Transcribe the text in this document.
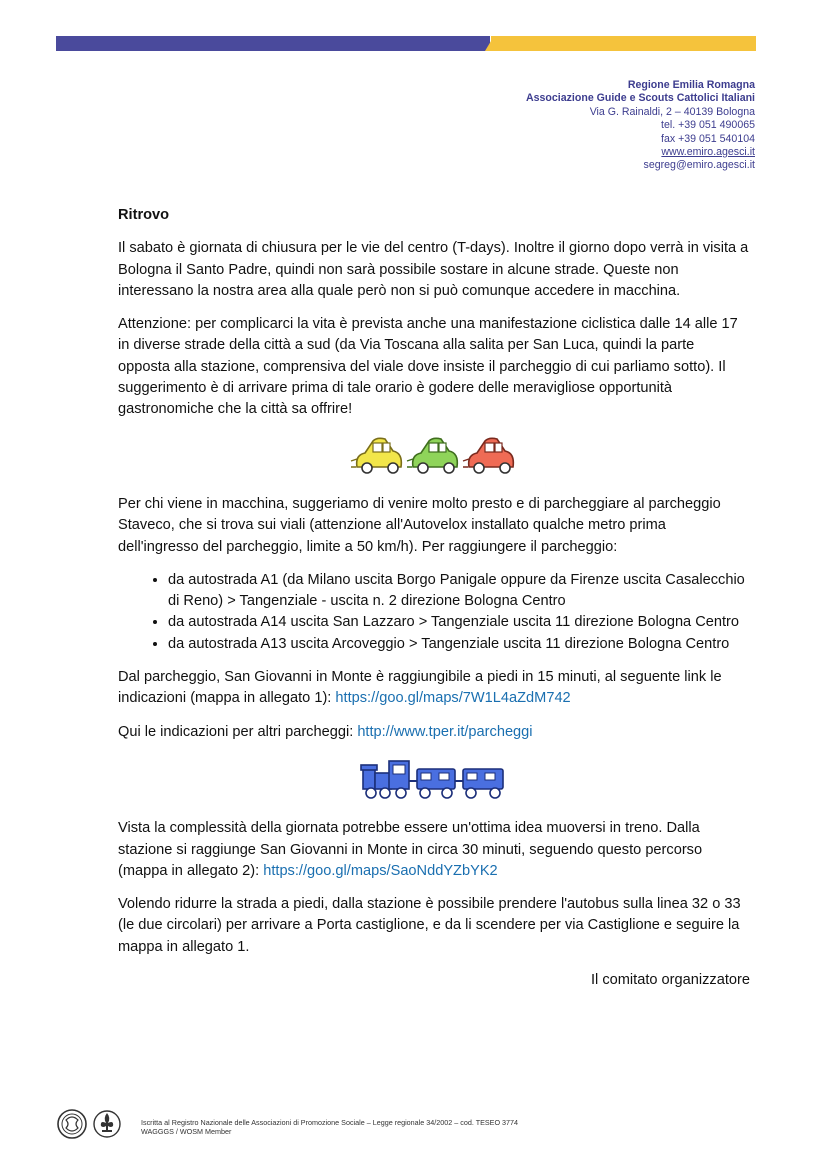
Regione Emilia Romagna
Associazione Guide e Scouts Cattolici Italiani
Via G. Rainaldi, 2 – 40139 Bologna
tel. +39 051 490065
fax +39 051 540104
www.emiro.agesci.it
segreg@emiro.agesci.it
Ritrovo

Il sabato è giornata di chiusura per le vie del centro (T-days). Inoltre il giorno dopo verrà in visita a Bologna il Santo Padre, quindi non sarà possibile sostare in alcune strade. Queste non interessano la nostra area alla quale però non si può comunque accedere in macchina.

Attenzione: per complicarci la vita è prevista anche una manifestazione ciclistica dalle 14 alle 17 in diverse strade della città a sud (da Via Toscana alla salita per San Luca, quindi la parte opposta alla stazione, comprensiva del viale dove insiste il parcheggio di cui parliamo sotto). Il suggerimento è di arrivare prima di tale orario è godere delle meravigliose opportunità gastronomiche che la città sa offrire!

Per chi viene in macchina, suggeriamo di venire molto presto e di parcheggiare al parcheggio Staveco, che si trova sui viali (attenzione all'Autovelox installato qualche metro prima dell'ingresso del parcheggio, limite a 50 km/h). Per raggiungere il parcheggio:

• da autostrada A1 (da Milano uscita Borgo Panigale oppure da Firenze uscita Casalecchio di Reno) > Tangenziale - uscita n. 2 direzione Bologna Centro
• da autostrada A14 uscita San Lazzaro > Tangenziale uscita 11 direzione Bologna Centro
• da autostrada A13 uscita Arcoveggio > Tangenziale uscita 11 direzione Bologna Centro

Dal parcheggio, San Giovanni in Monte è raggiungibile a piedi in 15 minuti, al seguente link le indicazioni (mappa in allegato 1): https://goo.gl/maps/7W1L4aZdM742

Qui le indicazioni per altri parcheggi: http://www.tper.it/parcheggi

Vista la complessità della giornata potrebbe essere un'ottima idea muoversi in treno. Dalla stazione si raggiunge San Giovanni in Monte in circa 30 minuti, seguendo questo percorso (mappa in allegato 2): https://goo.gl/maps/SaoNddYZbYK2

Volendo ridurre la strada a piedi, dalla stazione è possibile prendere l'autobus sulla linea 32 o 33 (le due circolari) per arrivare a Porta castiglione, e da li scendere per via Castiglione e seguire la mappa in allegato 1.

Il comitato organizzatore

Iscritta al Registro Nazionale delle Associazioni di Promozione Sociale – Legge regionale 34/2002 – cod. TESEO 3774
WAGGGS / WOSM Member
